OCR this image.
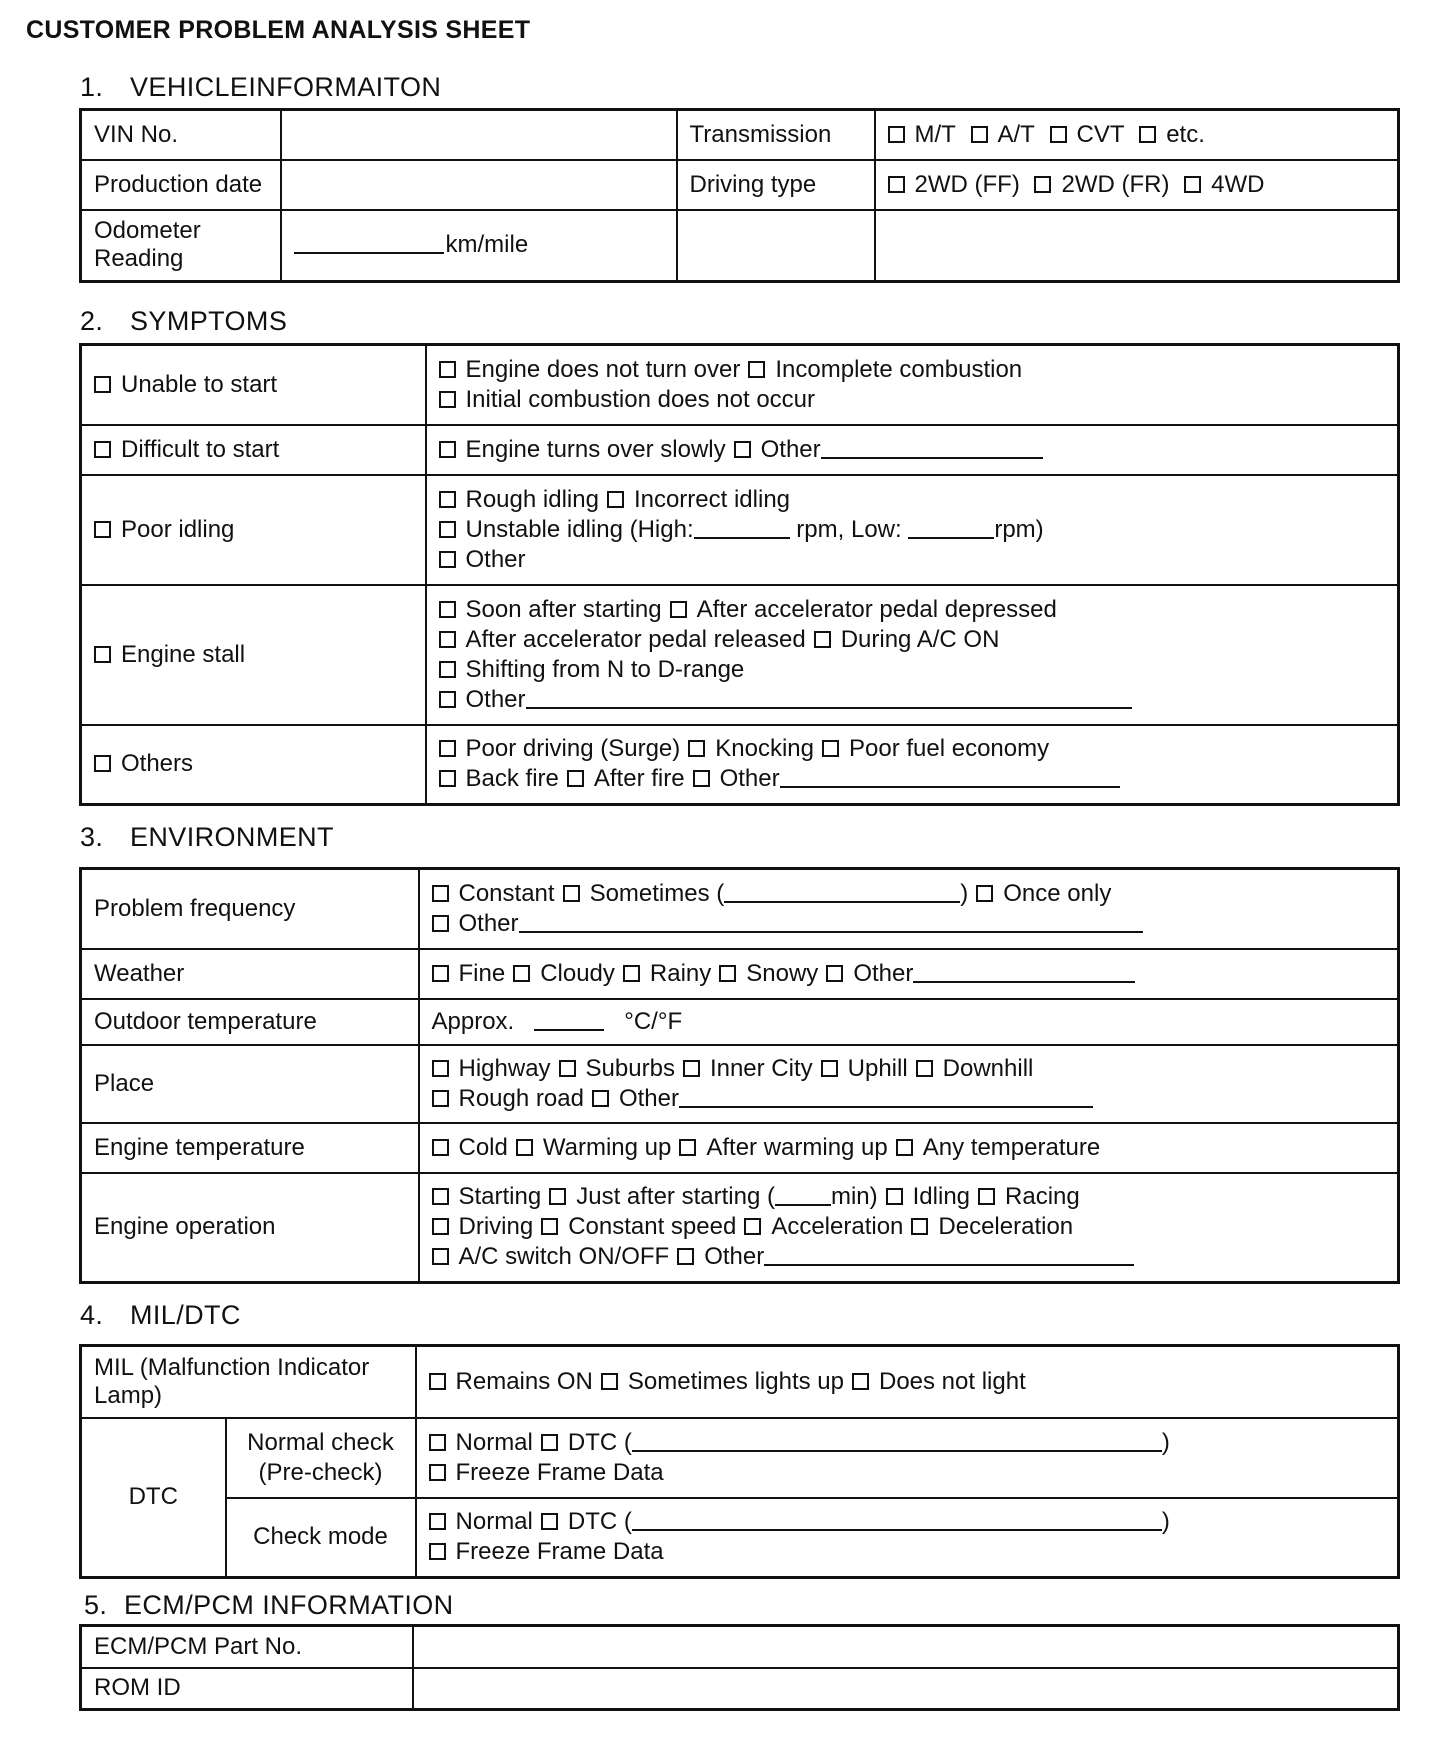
CUSTOMER PROBLEM ANALYSIS SHEET
1. VEHICLEINFORMAITON
VIN No.		Transmission	M/T A/T CVT etc.
Production date		Driving type	2WD (FF) 2WD (FR) 4WD
Odometer Reading	km/mile		
2. SYMPTOMS
Unable to start	Engine does not turn over Incomplete combustion
Initial combustion does not occur

Difficult to start	Engine turns over slowly Other
Poor idling	Rough idling Incorrect idling
Unstable idling (High: rpm, Low: rpm)
Other

Engine stall	Soon after starting After accelerator pedal depressed
After accelerator pedal released During A/C ON
Shifting from N to D-range
Other

Others	Poor driving (Surge) Knocking Poor fuel economy
Back fire After fire Other
3. ENVIRONMENT
Problem frequency	Constant Sometimes ( ) Once only
Other

Weather	Fine Cloudy Rainy Snowy Other
Outdoor temperature	Approx. °C/°F
Place	Highway Suburbs Inner City Uphill Downhill
Rough road Other

Engine temperature	Cold Warming up After warming up Any temperature
Engine operation	Starting Just after starting ( min) Idling Racing
Driving Constant speed Acceleration Deceleration
A/C switch ON/OFF Other
4. MIL/DTC
MIL (Malfunction Indicator Lamp)		Remains ON Sometimes lights up Does not light
DTC	Normal check (Pre-check)	Normal DTC ( )
Freeze Frame Data

	Check mode	Normal DTC ( )
Freeze Frame Data
5. ECM/PCM INFORMATION
ECM/PCM Part No.	
ROM ID	
